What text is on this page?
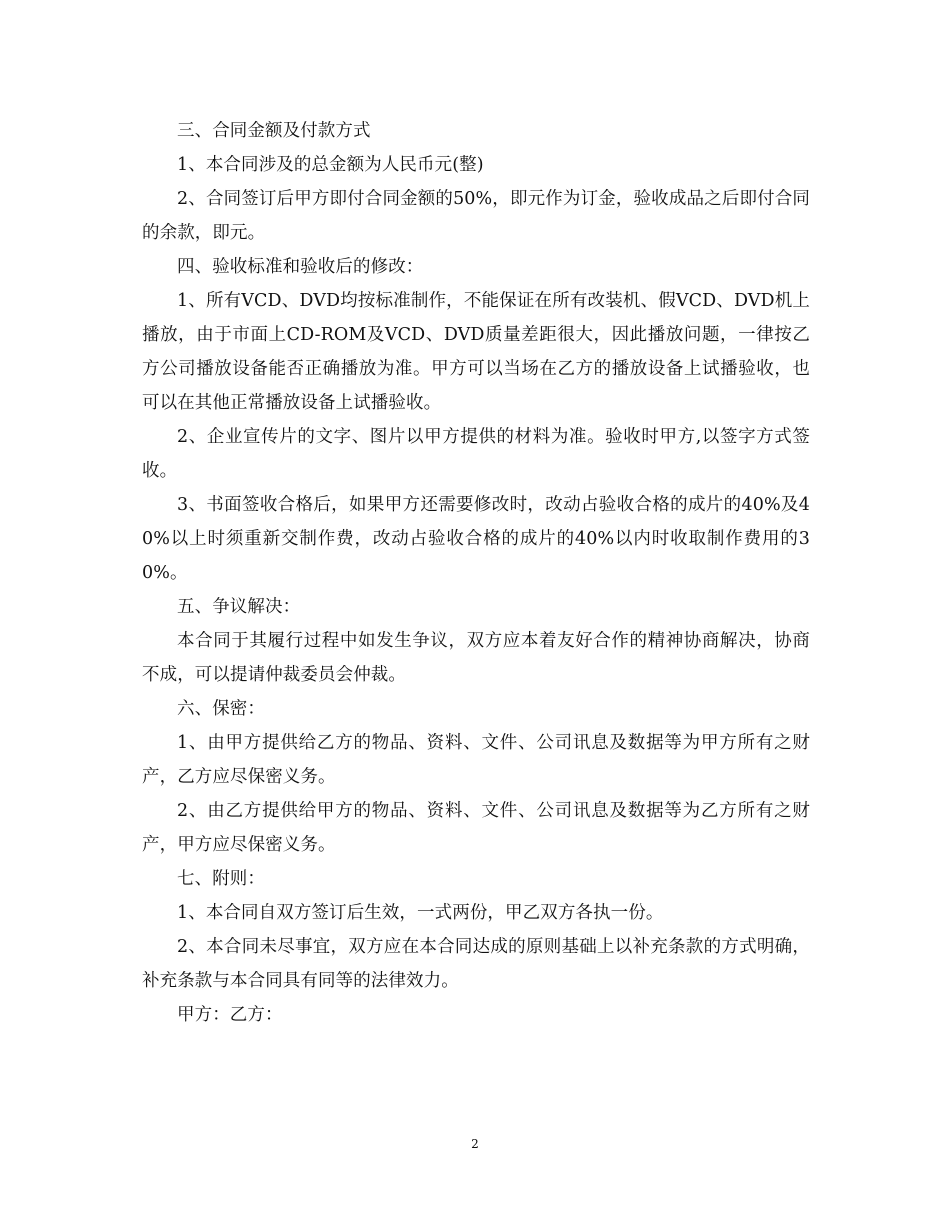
三、合同金额及付款方式

1、本合同涉及的总金额为人民币元(整)

2、合同签订后甲方即付合同金额的50%，即元作为订金，验收成品之后即付合同的余款，即元。

四、验收标准和验收后的修改：

1、所有VCD、DVD均按标准制作，不能保证在所有改装机、假VCD、DVD机上播放，由于市面上CD-ROM及VCD、DVD质量差距很大，因此播放问题，一律按乙方公司播放设备能否正确播放为准。甲方可以当场在乙方的播放设备上试播验收，也可以在其他正常播放设备上试播验收。

2、企业宣传片的文字、图片以甲方提供的材料为准。验收时甲方,以签字方式签收。

3、书面签收合格后，如果甲方还需要修改时，改动占验收合格的成片的40%及40%以上时须重新交制作费，改动占验收合格的成片的40%以内时收取制作费用的30%。

五、争议解决：

本合同于其履行过程中如发生争议，双方应本着友好合作的精神协商解决，协商不成，可以提请仲裁委员会仲裁。

六、保密：

1、由甲方提供给乙方的物品、资料、文件、公司讯息及数据等为甲方所有之财产，乙方应尽保密义务。

2、由乙方提供给甲方的物品、资料、文件、公司讯息及数据等为乙方所有之财产，甲方应尽保密义务。

七、附则：

1、本合同自双方签订后生效，一式两份，甲乙双方各执一份。

2、本合同未尽事宜，双方应在本合同达成的原则基础上以补充条款的方式明确，补充条款与本合同具有同等的法律效力。

甲方：乙方：

2
